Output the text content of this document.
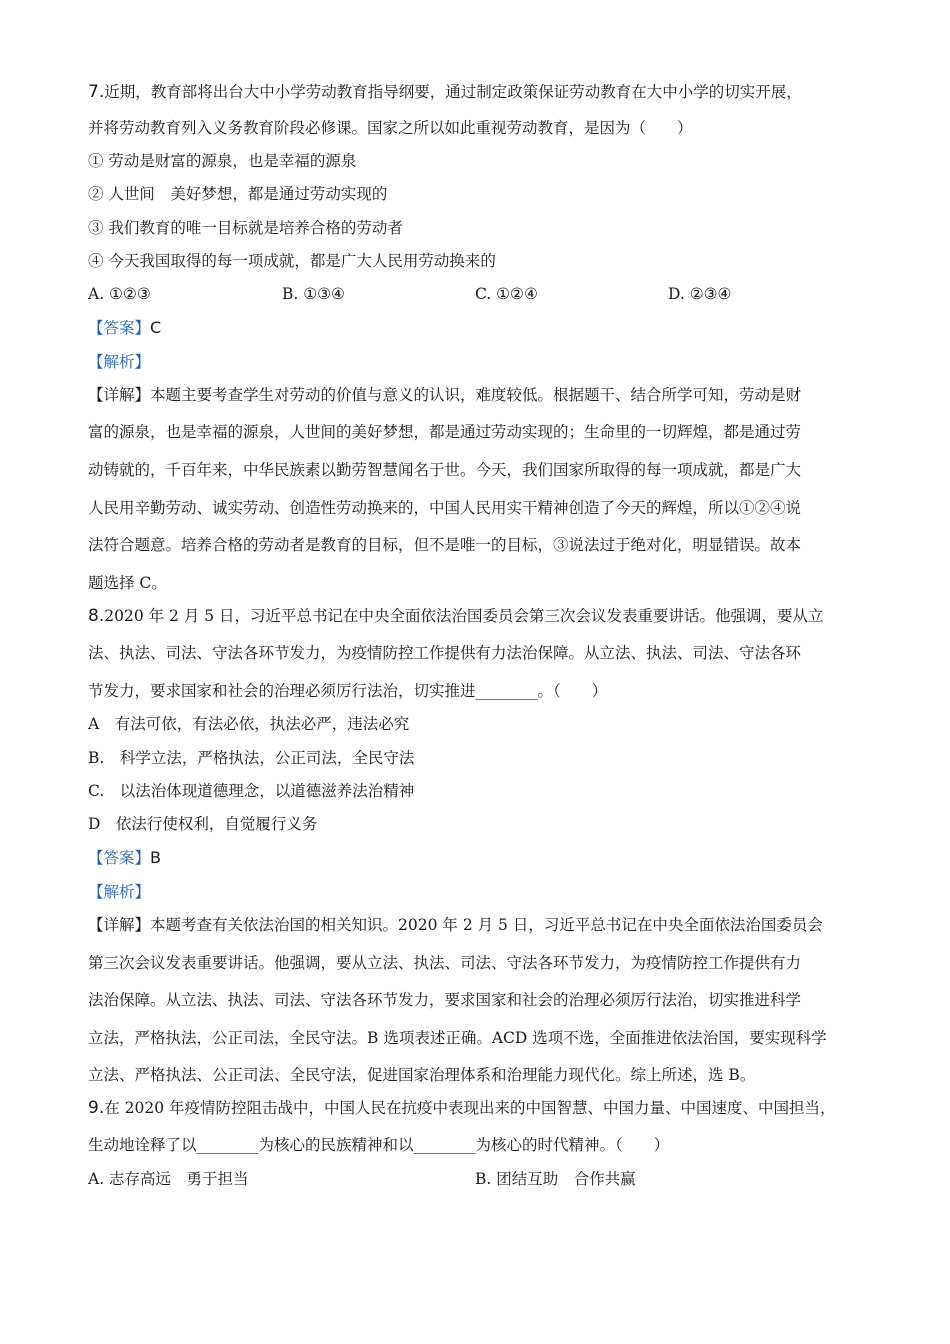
7.近期，教育部将出台大中小学劳动教育指导纲要，通过制定政策保证劳动教育在大中小学的切实开展，
并将劳动教育列入义务教育阶段必修课。国家之所以如此重视劳动教育，是因为（　　）
① 劳动是财富的源泉，也是幸福的源泉
② 人世间　美好梦想，都是通过劳动实现的
③ 我们教育的唯一目标就是培养合格的劳动者
④ 今天我国取得的每一项成就，都是广大人民用劳动换来的
A. ①②③	B. ①③④	C. ①②④	D. ②③④
【答案】C
【解析】
【详解】本题主要考查学生对劳动的价值与意义的认识，难度较低。根据题干、结合所学可知，劳动是财
富的源泉，也是幸福的源泉，人世间的美好梦想，都是通过劳动实现的；生命里的一切辉煌，都是通过劳
动铸就的，千百年来，中华民族素以勤劳智慧闻名于世。今天，我们国家所取得的每一项成就，都是广大
人民用辛勤劳动、诚实劳动、创造性劳动换来的，中国人民用实干精神创造了今天的辉煌，所以①②④说
法符合题意。培养合格的劳动者是教育的目标，但不是唯一的目标，③说法过于绝对化，明显错误。故本
题选择 C。
8.2020 年 2 月 5 日，习近平总书记在中央全面依法治国委员会第三次会议发表重要讲话。他强调，要从立
法、执法、司法、守法各环节发力，为疫情防控工作提供有力法治保障。从立法、执法、司法、守法各环
节发力，要求国家和社会的治理必须厉行法治，切实推进________。（　　）
A　有法可依，有法必依，执法必严，违法必究
B.　科学立法，严格执法，公正司法，全民守法
C.　以法治体现道德理念，以道德滋养法治精神
D　依法行使权利，自觉履行义务
【答案】B
【解析】
【详解】本题考查有关依法治国的相关知识。2020 年 2 月 5 日，习近平总书记在中央全面依法治国委员会
第三次会议发表重要讲话。他强调，要从立法、执法、司法、守法各环节发力，为疫情防控工作提供有力
法治保障。从立法、执法、司法、守法各环节发力，要求国家和社会的治理必须厉行法治，切实推进科学
立法，严格执法，公正司法，全民守法。B 选项表述正确。ACD 选项不选，全面推进依法治国，要实现科学
立法、严格执法、公正司法、全民守法，促进国家治理体系和治理能力现代化。综上所述，选 B。
9.在 2020 年疫情防控阻击战中，中国人民在抗疫中表现出来的中国智慧、中国力量、中国速度、中国担当，
生动地诠释了以________为核心的民族精神和以________为核心的时代精神。（　　）
A. 志存高远　勇于担当	B. 团结互助　合作共赢
